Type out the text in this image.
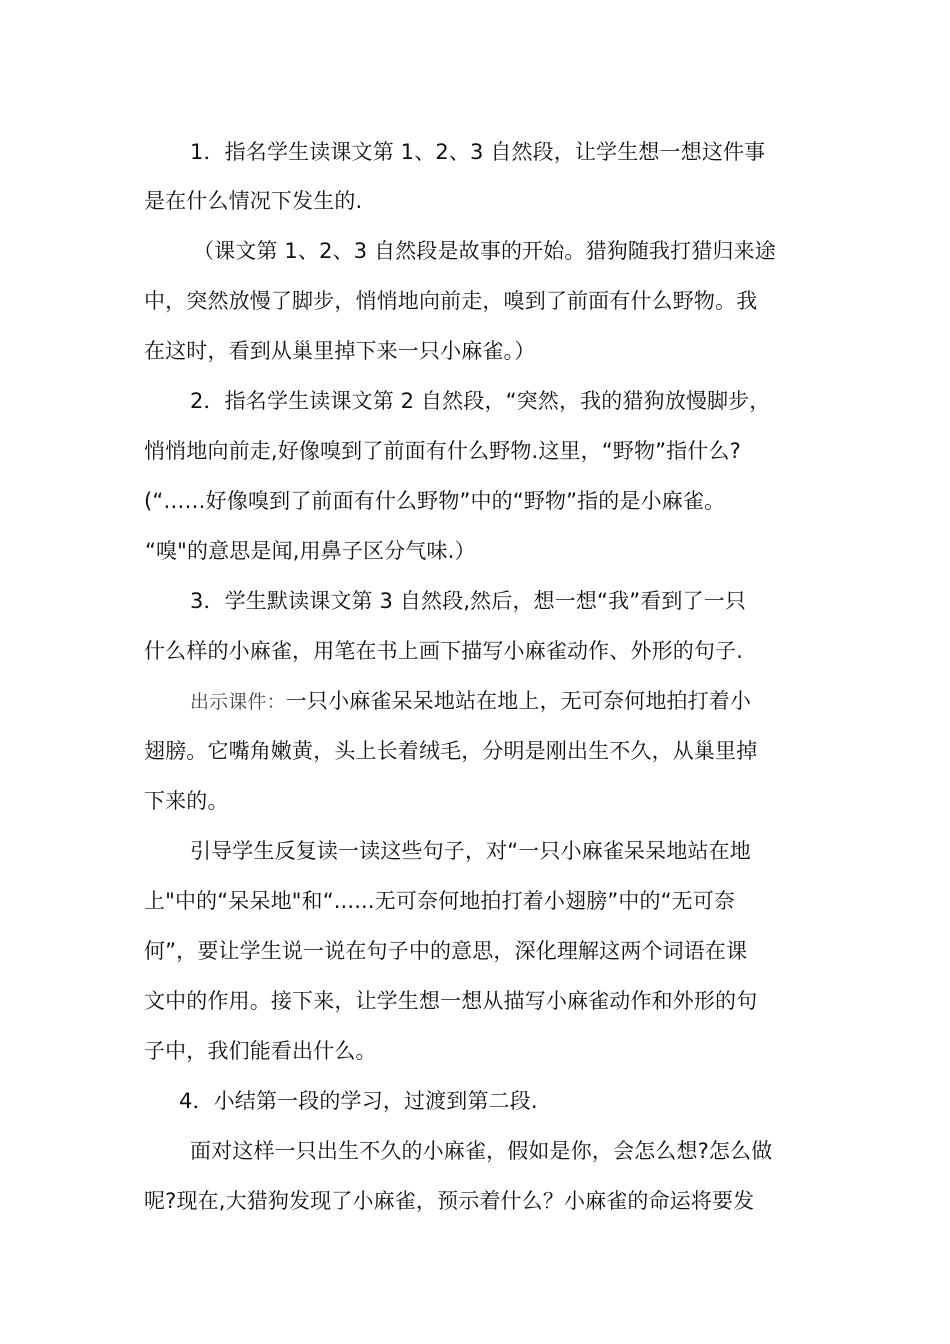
1．指名学生读课文第 1、2、3 自然段，让学生想一想这件事
是在什么情况下发生的.
（课文第 1、2、3 自然段是故事的开始。猎狗随我打猎归来途
中，突然放慢了脚步，悄悄地向前走，嗅到了前面有什么野物。我
在这时，看到从巢里掉下来一只小麻雀。）
2．指名学生读课文第 2 自然段，“突然，我的猎狗放慢脚步，
悄悄地向前走,好像嗅到了前面有什么野物.这里，“野物”指什么?
(“……好像嗅到了前面有什么野物”中的“野物”指的是小麻雀。
“嗅"的意思是闻,用鼻子区分气味.）
3．学生默读课文第 3 自然段,然后，想一想“我”看到了一只
什么样的小麻雀，用笔在书上画下描写小麻雀动作、外形的句子.
出示课件：一只小麻雀呆呆地站在地上，无可奈何地拍打着小
翅膀。它嘴角嫩黄，头上长着绒毛，分明是刚出生不久，从巢里掉
下来的。
引导学生反复读一读这些句子，对“一只小麻雀呆呆地站在地
上"中的“呆呆地"和“......无可奈何地拍打着小翅膀”中的“无可奈
何”，要让学生说一说在句子中的意思，深化理解这两个词语在课
文中的作用。接下来，让学生想一想从描写小麻雀动作和外形的句
子中，我们能看出什么。
4．小结第一段的学习，过渡到第二段.
面对这样一只出生不久的小麻雀，假如是你，会怎么想?怎么做
呢?现在,大猎狗发现了小麻雀，预示着什么？小麻雀的命运将要发
